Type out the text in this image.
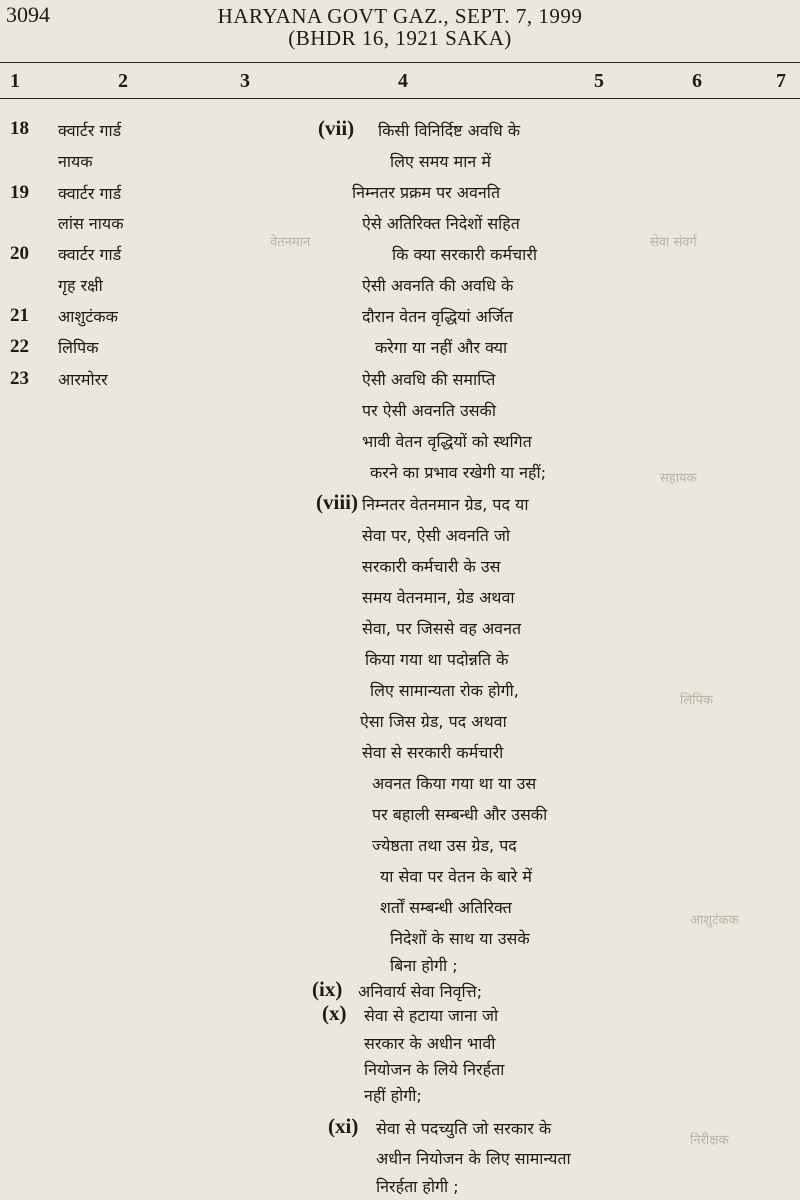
3094	HARYANA GOVT GAZ., SEPT. 7, 1999
(BHDR 16, 1921 SAKA)
1	2	3	4	5	6	7
सेवा संवर्ग
वेतनमान
सहायक
लिपिक
आशुटंकक
निरीक्षक
18 क्वार्टर गार्ड
नायक
19 क्वार्टर गार्ड
लांस नायक
20 क्वार्टर गार्ड
गृह रक्षी
21 आशुटंकक
22 लिपिक
23 आरमोरर
(vii) किसी विनिर्दिष्ट अवधि के
लिए समय मान में
निम्नतर प्रक्रम पर अवनति
ऐसे अतिरिक्त निदेशों सहित
कि क्या सरकारी कर्मचारी
ऐसी अवनति की अवधि के
दौरान वेतन वृद्धियां अर्जित
करेगा या नहीं और क्या
ऐसी अवधि की समाप्ति
पर ऐसी अवनति उसकी
भावी वेतन वृद्धियों को स्थगित
करने का प्रभाव रखेगी या नहीं;
(viii) निम्नतर वेतनमान ग्रेड, पद या
सेवा पर, ऐसी अवनति जो
सरकारी कर्मचारी के उस
समय वेतनमान, ग्रेड अथवा
सेवा, पर जिससे वह अवनत
किया गया था पदोन्नति के
लिए सामान्यता रोक होगी,
ऐसा जिस ग्रेड, पद अथवा
सेवा से सरकारी कर्मचारी
अवनत किया गया था या उस
पर बहाली सम्बन्धी और उसकी
ज्येष्ठता तथा उस ग्रेड, पद
या सेवा पर वेतन के बारे में
शर्तों सम्बन्धी अतिरिक्त
निदेशों के साथ या उसके
बिना होगी ;
(ix) अनिवार्य सेवा निवृत्ति;
(x) सेवा से हटाया जाना जो
सरकार के अधीन भावी
नियोजन के लिये निरर्हता
नहीं होगी;
(xi) सेवा से पदच्युति जो सरकार के
अधीन नियोजन के लिए सामान्यता
निरर्हता होगी ;
